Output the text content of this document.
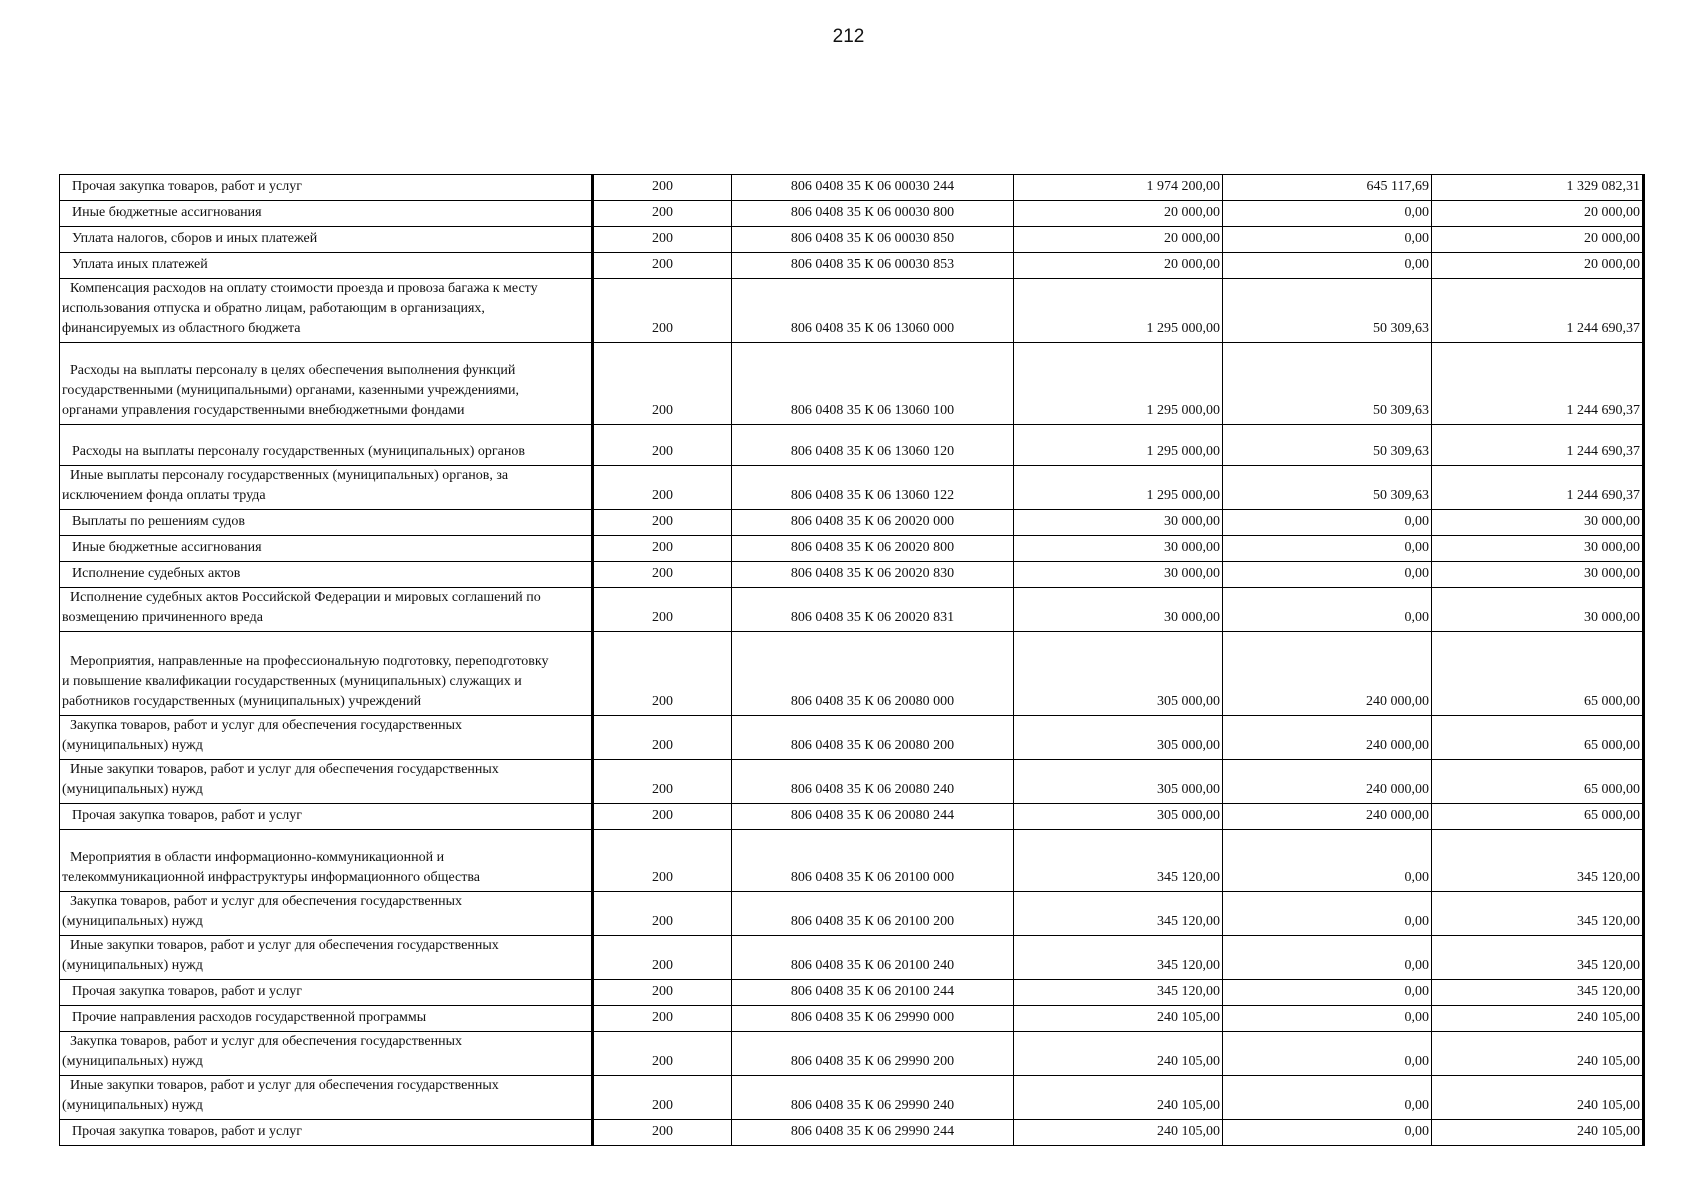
212
Прочая закупка товаров, работ и услуг	200	806 0408 35 К 06 00030 244	1 974 200,00	645 117,69	1 329 082,31
Иные бюджетные ассигнования	200	806 0408 35 К 06 00030 800	20 000,00	0,00	20 000,00
Уплата налогов, сборов и иных платежей	200	806 0408 35 К 06 00030 850	20 000,00	0,00	20 000,00
Уплата иных платежей	200	806 0408 35 К 06 00030 853	20 000,00	0,00	20 000,00

Компенсация расходов на оплату стоимости проезда и провоза багажа к месту
использования отпуска и обратно лицам, работающим в организациях,
финансируемых из областного бюджета	200	806 0408 35 К 06 13060 000	1 295 000,00	50 309,63	1 244 690,37

Расходы на выплаты персоналу в целях обеспечения выполнения функций
государственными (муниципальными) органами, казенными учреждениями,
органами управления государственными внебюджетными фондами	200	806 0408 35 К 06 13060 100	1 295 000,00	50 309,63	1 244 690,37
Расходы на выплаты персоналу государственных (муниципальных) органов	200	806 0408 35 К 06 13060 120	1 295 000,00	50 309,63	1 244 690,37

Иные выплаты персоналу государственных (муниципальных) органов, за
исключением фонда оплаты труда	200	806 0408 35 К 06 13060 122	1 295 000,00	50 309,63	1 244 690,37
Выплаты по решениям судов	200	806 0408 35 К 06 20020 000	30 000,00	0,00	30 000,00
Иные бюджетные ассигнования	200	806 0408 35 К 06 20020 800	30 000,00	0,00	30 000,00
Исполнение судебных актов	200	806 0408 35 К 06 20020 830	30 000,00	0,00	30 000,00

Исполнение судебных актов Российской Федерации и мировых соглашений по
возмещению причиненного вреда	200	806 0408 35 К 06 20020 831	30 000,00	0,00	30 000,00

Мероприятия, направленные на профессиональную подготовку, переподготовку
и повышение квалификации государственных (муниципальных) служащих и
работников государственных (муниципальных) учреждений	200	806 0408 35 К 06 20080 000	305 000,00	240 000,00	65 000,00

Закупка товаров, работ и услуг для обеспечения государственных
(муниципальных) нужд	200	806 0408 35 К 06 20080 200	305 000,00	240 000,00	65 000,00

Иные закупки товаров, работ и услуг для обеспечения государственных
(муниципальных) нужд	200	806 0408 35 К 06 20080 240	305 000,00	240 000,00	65 000,00
Прочая закупка товаров, работ и услуг	200	806 0408 35 К 06 20080 244	305 000,00	240 000,00	65 000,00

Мероприятия в области информационно-коммуникационной и
телекоммуникационной инфраструктуры информационного общества	200	806 0408 35 К 06 20100 000	345 120,00	0,00	345 120,00

Закупка товаров, работ и услуг для обеспечения государственных
(муниципальных) нужд	200	806 0408 35 К 06 20100 200	345 120,00	0,00	345 120,00

Иные закупки товаров, работ и услуг для обеспечения государственных
(муниципальных) нужд	200	806 0408 35 К 06 20100 240	345 120,00	0,00	345 120,00
Прочая закупка товаров, работ и услуг	200	806 0408 35 К 06 20100 244	345 120,00	0,00	345 120,00
Прочие направления расходов государственной программы	200	806 0408 35 К 06 29990 000	240 105,00	0,00	240 105,00

Закупка товаров, работ и услуг для обеспечения государственных
(муниципальных) нужд	200	806 0408 35 К 06 29990 200	240 105,00	0,00	240 105,00

Иные закупки товаров, работ и услуг для обеспечения государственных
(муниципальных) нужд	200	806 0408 35 К 06 29990 240	240 105,00	0,00	240 105,00
Прочая закупка товаров, работ и услуг	200	806 0408 35 К 06 29990 244	240 105,00	0,00	240 105,00
